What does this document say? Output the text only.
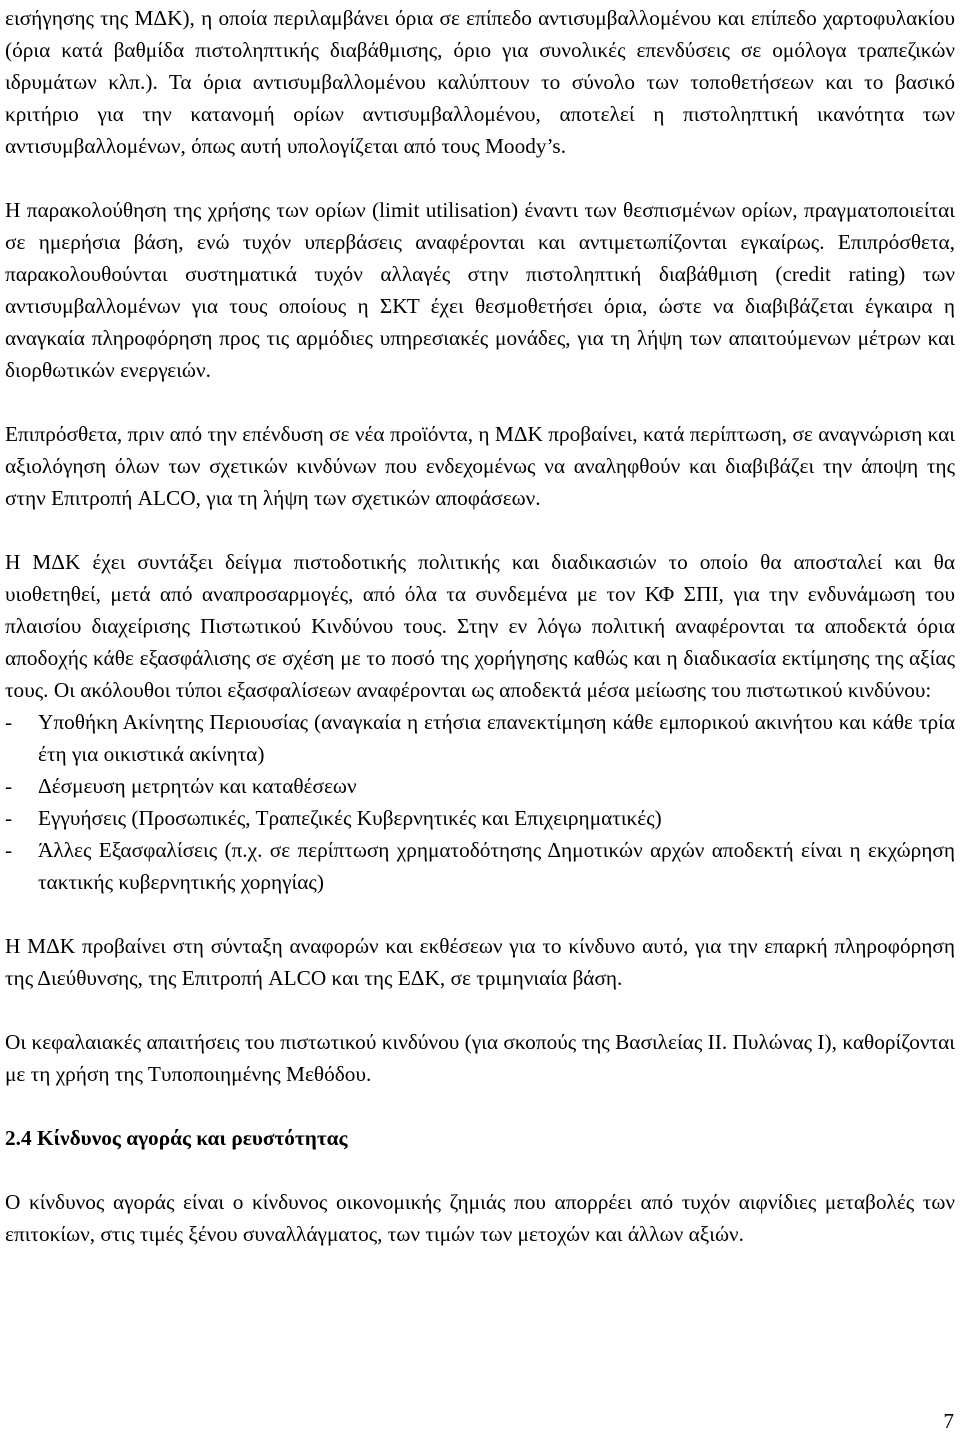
εισήγησης της ΜΔΚ), η οποία περιλαμβάνει όρια σε επίπεδο αντισυμβαλλομένου και επίπεδο χαρτοφυλακίου (όρια κατά βαθμίδα πιστοληπτικής διαβάθμισης, όριο για συνολικές επενδύσεις σε ομόλογα τραπεζικών ιδρυμάτων κλπ.). Τα όρια αντισυμβαλλομένου καλύπτουν το σύνολο των τοποθετήσεων και το βασικό κριτήριο για την κατανομή ορίων αντισυμβαλλομένου, αποτελεί η πιστοληπτική ικανότητα των αντισυμβαλλομένων, όπως αυτή υπολογίζεται από τους Moody’s.

Η παρακολούθηση της χρήσης των ορίων (limit utilisation) έναντι των θεσπισμένων ορίων, πραγματοποιείται σε ημερήσια βάση, ενώ τυχόν υπερβάσεις αναφέρονται και αντιμετωπίζονται εγκαίρως. Επιπρόσθετα, παρακολουθούνται συστηματικά τυχόν αλλαγές στην πιστοληπτική διαβάθμιση (credit rating) των αντισυμβαλλομένων για τους οποίους η ΣΚΤ έχει θεσμοθετήσει όρια, ώστε να διαβιβάζεται έγκαιρα η αναγκαία πληροφόρηση προς τις αρμόδιες υπηρεσιακές μονάδες, για τη λήψη των απαιτούμενων μέτρων και διορθωτικών ενεργειών.

Επιπρόσθετα, πριν από την επένδυση σε νέα προϊόντα, η ΜΔΚ προβαίνει, κατά περίπτωση, σε αναγνώριση και αξιολόγηση όλων των σχετικών κινδύνων που ενδεχομένως να αναληφθούν και διαβιβάζει την άποψη της στην Επιτροπή ALCO, για τη λήψη των σχετικών αποφάσεων.

Η ΜΔΚ έχει συντάξει δείγμα πιστοδοτικής πολιτικής και διαδικασιών το οποίο θα αποσταλεί και θα υιοθετηθεί, μετά από αναπροσαρμογές, από όλα τα συνδεμένα με τον ΚΦ ΣΠΙ, για την ενδυνάμωση του πλαισίου διαχείρισης Πιστωτικού Κινδύνου τους. Στην εν λόγω πολιτική αναφέρονται τα αποδεκτά όρια αποδοχής κάθε εξασφάλισης σε σχέση με το ποσό της χορήγησης καθώς και η διαδικασία εκτίμησης της αξίας τους. Οι ακόλουθοι τύποι εξασφαλίσεων αναφέρονται ως αποδεκτά μέσα μείωσης του πιστωτικού κινδύνου:

- Υποθήκη Ακίνητης Περιουσίας (αναγκαία η ετήσια επανεκτίμηση κάθε εμπορικού ακινήτου και κάθε τρία έτη για οικιστικά ακίνητα)
- Δέσμευση μετρητών και καταθέσεων
- Εγγυήσεις (Προσωπικές, Τραπεζικές Κυβερνητικές και Επιχειρηματικές)
- Άλλες Εξασφαλίσεις (π.χ. σε περίπτωση χρηματοδότησης Δημοτικών αρχών αποδεκτή είναι η εκχώρηση τακτικής κυβερνητικής χορηγίας)

Η ΜΔΚ προβαίνει στη σύνταξη αναφορών και εκθέσεων για το κίνδυνο αυτό, για την επαρκή πληροφόρηση της Διεύθυνσης, της Επιτροπή ALCO και της ΕΔΚ, σε τριμηνιαία βάση.

Οι κεφαλαιακές απαιτήσεις του πιστωτικού κινδύνου (για σκοπούς της Βασιλείας ΙΙ. Πυλώνας Ι), καθορίζονται με τη χρήση της Τυποποιημένης Μεθόδου.

2.4 Κίνδυνος αγοράς και ρευστότητας

Ο κίνδυνος αγοράς είναι ο κίνδυνος οικονομικής ζημιάς που απορρέει από τυχόν αιφνίδιες μεταβολές των επιτοκίων, στις τιμές ξένου συναλλάγματος, των τιμών των μετοχών και άλλων αξιών.

7
